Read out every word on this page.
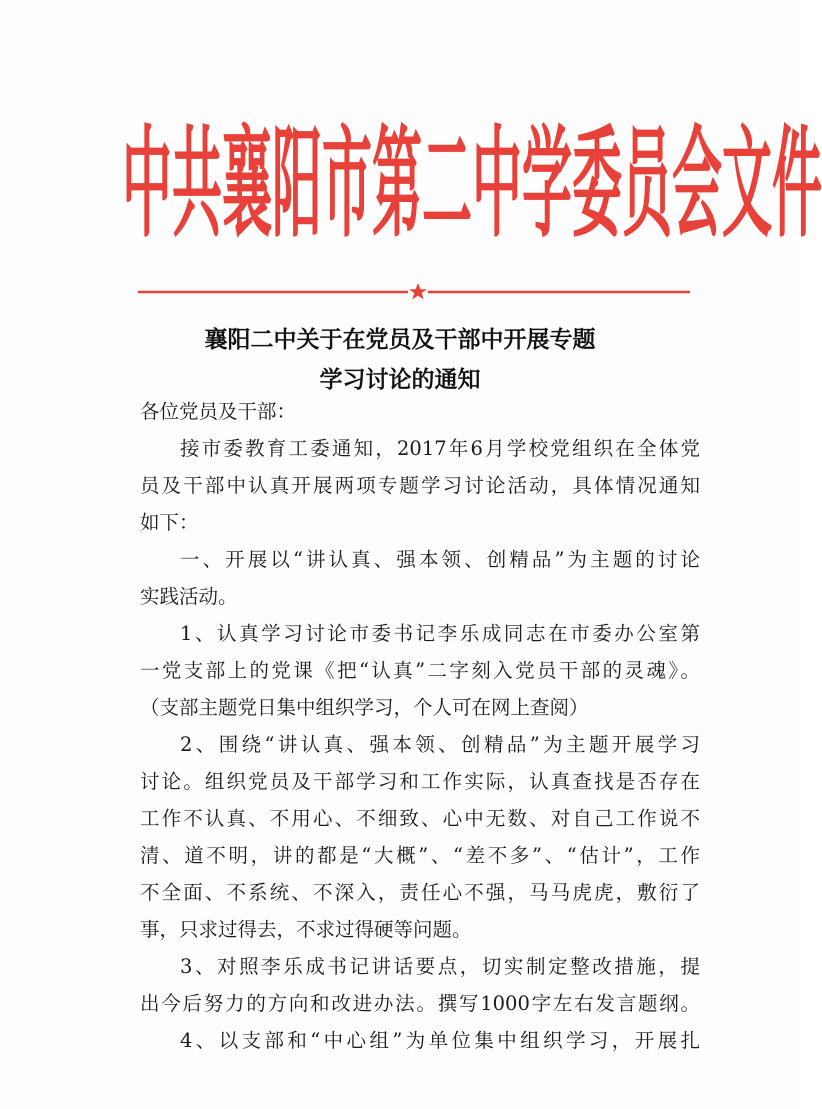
中共襄阳市第二中学委员会文件
襄阳二中关于在党员及干部中开展专题
学习讨论的通知
各位党员及干部：
接市委教育工委通知，2017年6月学校党组织在全体党
员及干部中认真开展两项专题学习讨论活动，具体情况通知
如下：
一、开展以“讲认真、强本领、创精品”为主题的讨论
实践活动。
1、认真学习讨论市委书记李乐成同志在市委办公室第
一党支部上的党课《把“认真”二字刻入党员干部的灵魂》。
（支部主题党日集中组织学习，个人可在网上查阅）
2、围绕“讲认真、强本领、创精品”为主题开展学习
讨论。组织党员及干部学习和工作实际，认真查找是否存在
工作不认真、不用心、不细致、心中无数、对自己工作说不
清、道不明，讲的都是“大概”、“差不多”、“估计”，工作
不全面、不系统、不深入，责任心不强，马马虎虎，敷衍了
事，只求过得去，不求过得硬等问题。
3、对照李乐成书记讲话要点，切实制定整改措施，提
出今后努力的方向和改进办法。撰写1000字左右发言题纲。
4、以支部和“中心组”为单位集中组织学习，开展扎
